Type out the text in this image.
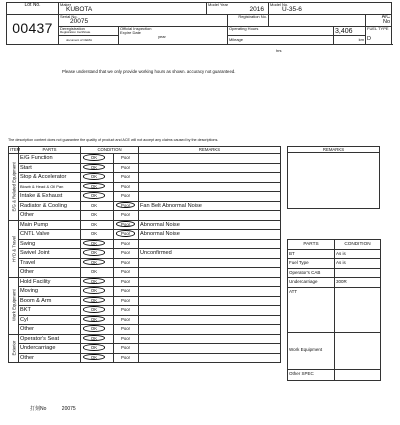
Lot No.	Maker
KUBOTA		Model Year
2016		Model No.
U-35-6		

00437	Serial No.
20075			Registration No.			A/C
No

	Deregistration
Registration Certificate	Official Inspection Expire Date
year		Operating Hours		3,406	FUEL TYPE
D

	document of CEMA			Mileage		km	
hrs
Please understand that we only provide working hours as shown. accuracy not guaranteed.
The description content does not guarantee the quality of product and ACE will not accept any claims caused by the descriptions.
ITEM	PARTS	CONDITION		REMARKS
E/G & Related Equipment	E/G Function	OK	Poor	
	Start	OK	Poor	
	Stop & Accelerator	OK	Poor	
	Blowb & Head & Oil Pan	OK	Poor	
	Intake & Exhaust	OK	Poor	
	Radiator & Cooling	OK	Poor	Fan Belt Abnormal Noise
	Other	OK	Poor	
HYD & Travel	Main Pump	OK	Poor	Abnormal Noise
	CNTL Valve	OK	Poor	Abnormal Noise
	Swing	OK	Poor	
	Swivel Joint	OK	Poor	Unconfirmed
	Travel	OK	Poor	
	Other	OK	Poor	
Work Equipment	Hold Facility	OK	Poor	
	Moving	OK	Poor	
	Boom & Arm	OK	Poor	
	BKT	OK	Poor	
	Cyl	OK	Poor	
	Other	OK	Poor	
Exterior	Operator's Seat	OK	Poor	
	Undercarriage	OK	Poor	
	Other	OK	Poor	
REMARKS

PARTS	CONDITION
BT	As is
Fuel Type	As is
Operator's CAB	
Undercarriage	300R
ATT	
Work Equipment	
Other SPEC	
打刻No	20075
